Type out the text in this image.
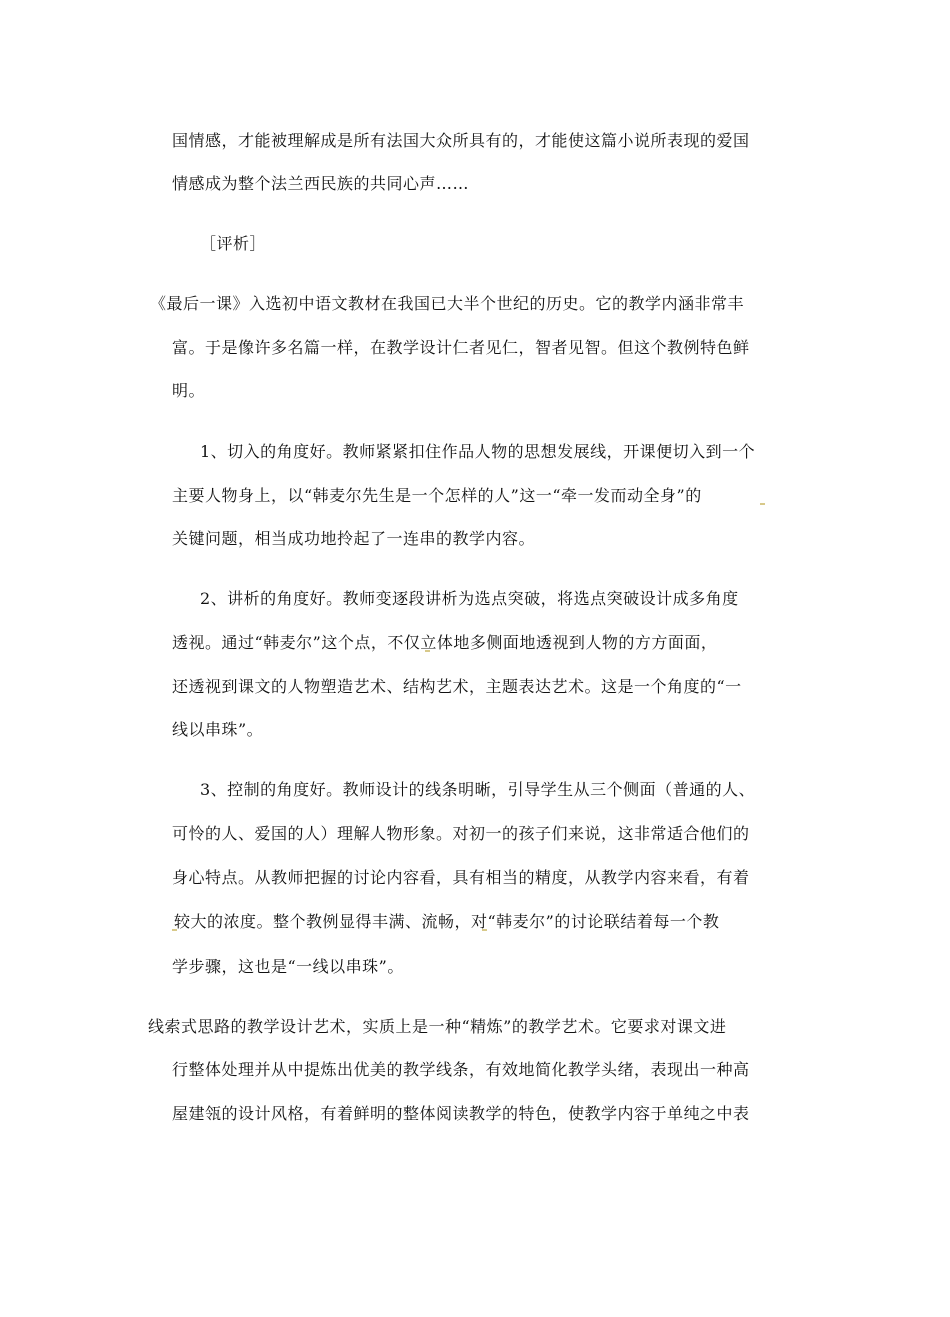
国情感，才能被理解成是所有法国大众所具有的，才能使这篇小说所表现的爱国
情感成为整个法兰西民族的共同心声……
［评析］
《最后一课》入选初中语文教材在我国已大半个世纪的历史。它的教学内涵非常丰
富。于是像许多名篇一样，在教学设计仁者见仁，智者见智。但这个教例特色鲜
明。
1、切入的角度好。教师紧紧扣住作品人物的思想发展线，开课便切入到一个
主要人物身上，以“韩麦尔先生是一个怎样的人”这一“牵一发而动全身”的
关键问题，相当成功地拎起了一连串的教学内容。
2、讲析的角度好。教师变逐段讲析为选点突破，将选点突破设计成多角度
透视。通过“韩麦尔”这个点，不仅立体地多侧面地透视到人物的方方面面，
还透视到课文的人物塑造艺术、结构艺术，主题表达艺术。这是一个角度的“一
线以串珠”。
3、控制的角度好。教师设计的线条明晰，引导学生从三个侧面（普通的人、
可怜的人、爱国的人）理解人物形象。对初一的孩子们来说，这非常适合他们的
身心特点。从教师把握的讨论内容看，具有相当的精度，从教学内容来看，有着
较大的浓度。整个教例显得丰满、流畅，对“韩麦尔”的讨论联结着每一个教
学步骤，这也是“一线以串珠”。
线索式思路的教学设计艺术，实质上是一种“精炼”的教学艺术。它要求对课文进
行整体处理并从中提炼出优美的教学线条，有效地简化教学头绪，表现出一种高
屋建瓴的设计风格，有着鲜明的整体阅读教学的特色，使教学内容于单纯之中表
